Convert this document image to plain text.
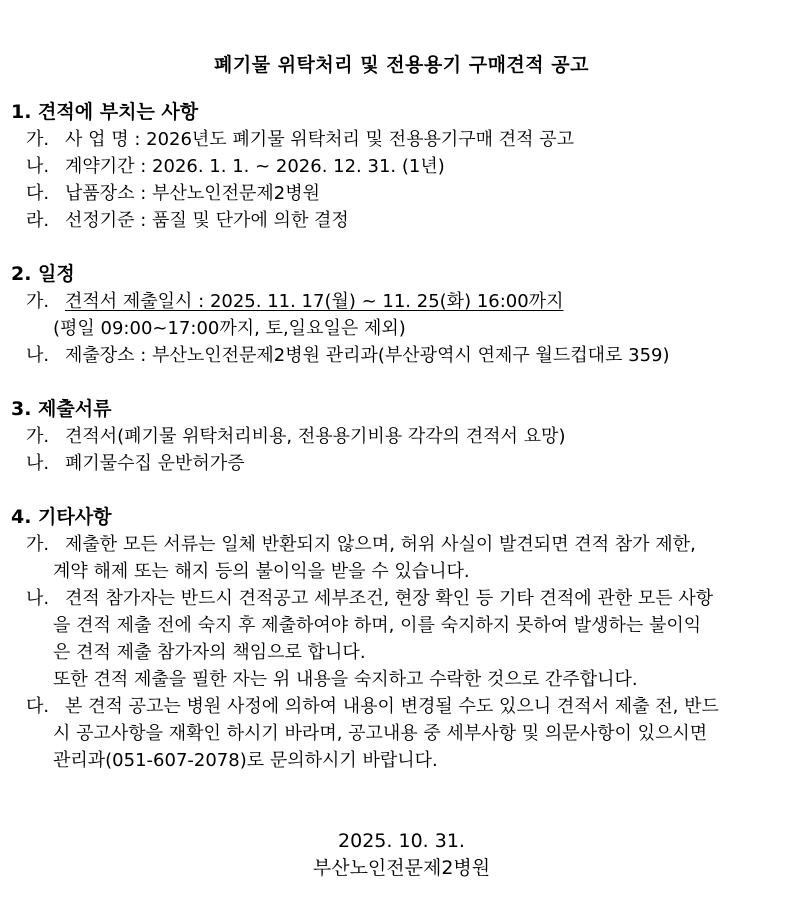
폐기물 위탁처리 및 전용용기 구매견적 공고
1. 견적에 부치는 사항
가. 사 업 명 : 2026년도 폐기물 위탁처리 및 전용용기구매 견적 공고
나. 계약기간 : 2026. 1. 1. ~ 2026. 12. 31. (1년)
다. 납품장소 : 부산노인전문제2병원
라. 선정기준 : 품질 및 단가에 의한 결정
2. 일정
가. 견적서 제출일시 : 2025. 11. 17(월) ~ 11. 25(화) 16:00까지
(평일 09:00~17:00까지, 토,일요일은 제외)
나. 제출장소 : 부산노인전문제2병원 관리과(부산광역시 연제구 월드컵대로 359)
3. 제출서류
가. 견적서(폐기물 위탁처리비용, 전용용기비용 각각의 견적서 요망)
나. 폐기물수집 운반허가증
4. 기타사항
가. 제출한 모든 서류는 일체 반환되지 않으며, 허위 사실이 발견되면 견적 참가 제한,
계약 해제 또는 해지 등의 불이익을 받을 수 있습니다.
나. 견적 참가자는 반드시 견적공고 세부조건, 현장 확인 등 기타 견적에 관한 모든 사항
을 견적 제출 전에 숙지 후 제출하여야 하며, 이를 숙지하지 못하여 발생하는 불이익
은 견적 제출 참가자의 책임으로 합니다.
또한 견적 제출을 필한 자는 위 내용을 숙지하고 수락한 것으로 간주합니다.
다. 본 견적 공고는 병원 사정에 의하여 내용이 변경될 수도 있으니 견적서 제출 전, 반드
시 공고사항을 재확인 하시기 바라며, 공고내용 중 세부사항 및 의문사항이 있으시면
관리과(051-607-2078)로 문의하시기 바랍니다.
2025. 10. 31.
부산노인전문제2병원
